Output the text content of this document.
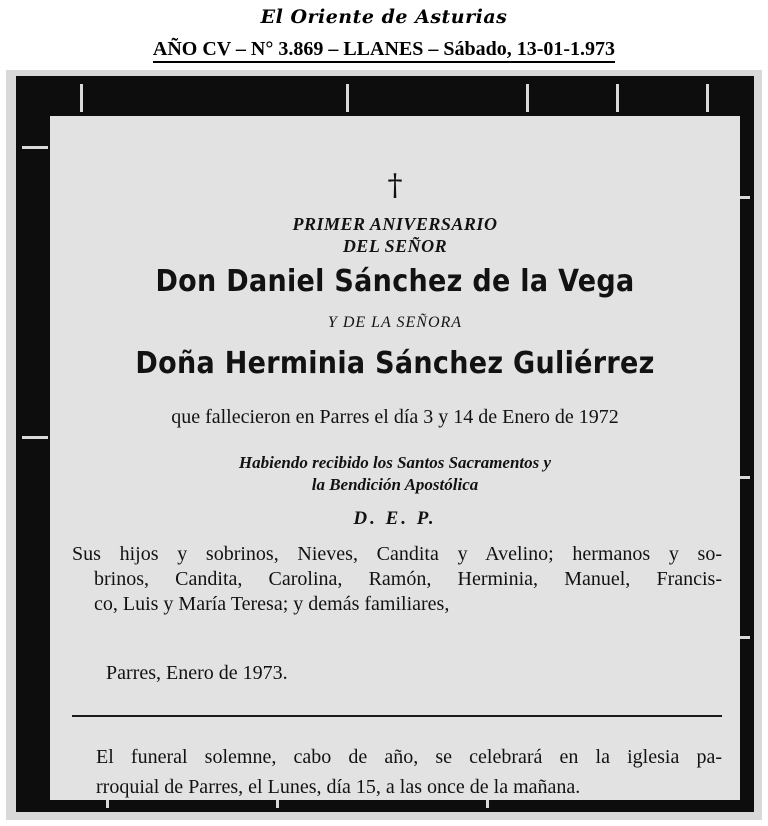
El Oriente de Asturias
AÑO CV – N° 3.869 – LLANES – Sábado, 13-01-1.973
†
PRIMER ANIVERSARIO
DEL SEÑOR
Don Daniel Sánchez de la Vega
Y DE LA SEÑORA
Doña Herminia Sánchez Guliérrez
que fallecieron en Parres el día 3 y 14 de Enero de 1972
Habiendo recibido los Santos Sacramentos y
la Bendición Apostólica
D. E. P.
Sus hijos y sobrinos, Nieves, Candita y Avelino; hermanos y so-
brinos, Candita, Carolina, Ramón, Herminia, Manuel, Francis-
co, Luis y María Teresa; y demás familiares,
Parres, Enero de 1973.
El funeral solemne, cabo de año, se celebrará en la iglesia pa-
rroquial de Parres, el Lunes, día 15, a las once de la mañana.
